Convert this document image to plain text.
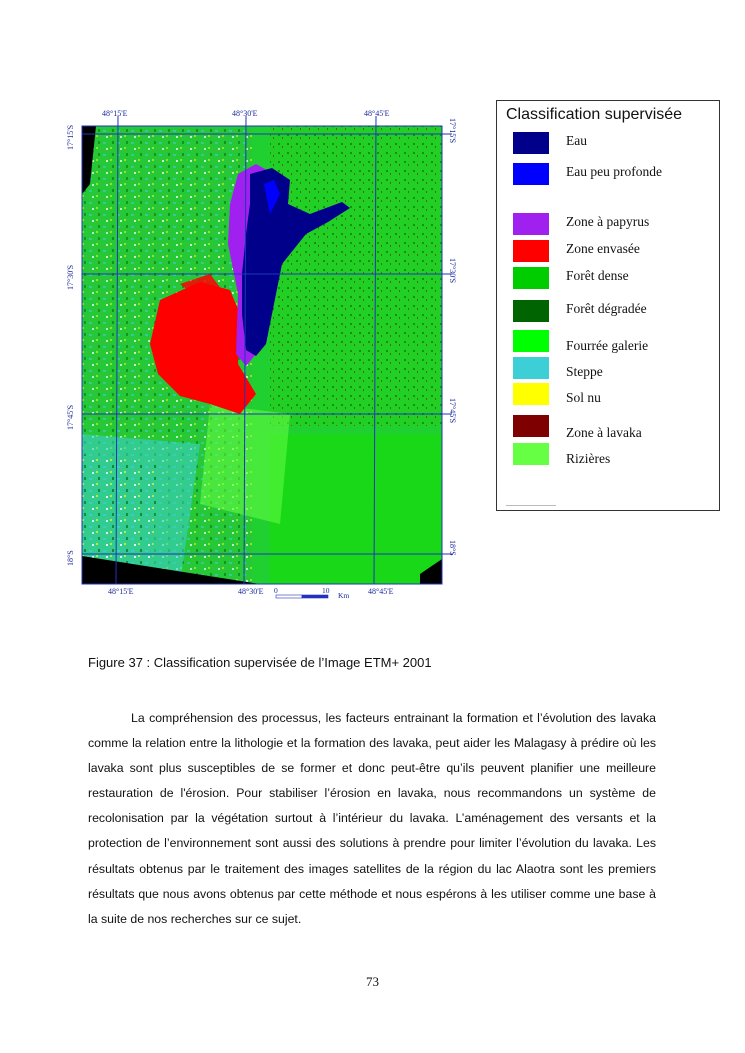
48°15'E	48°30'E	48°45'E
48°15'E	48°30'E	48°45'E
17°15'S
17°30'S
17°45'S
18°S
17°15'S
17°30'S
17°45'S
18°S
0	10
Km
Classification supervisée
Eau
Eau peu profonde
Zone à papyrus
Zone envasée
Forêt dense
Forêt dégradée
Fourrée galerie
Steppe
Sol nu
Zone à lavaka
Rizières
Figure 37 : Classification supervisée de l’Image ETM+ 2001

La compréhension des processus, les facteurs entrainant la formation et l’évolution des lavaka comme la relation entre la lithologie et la formation des lavaka, peut aider les Malagasy à prédire où les lavaka sont plus susceptibles de se former et donc peut-être qu’ils peuvent planifier une meilleure restauration de l'érosion. Pour stabiliser l’érosion en lavaka, nous recommandons un système de recolonisation par la végétation surtout à l’intérieur du lavaka. L’aménagement des versants et la protection de l’environnement sont aussi des solutions à prendre pour limiter l’évolution du lavaka. Les résultats obtenus par le traitement des images satellites de la région du lac Alaotra sont les premiers résultats que nous avons obtenus par cette méthode et nous espérons à les utiliser comme une base à la suite de nos recherches sur ce sujet.

73
